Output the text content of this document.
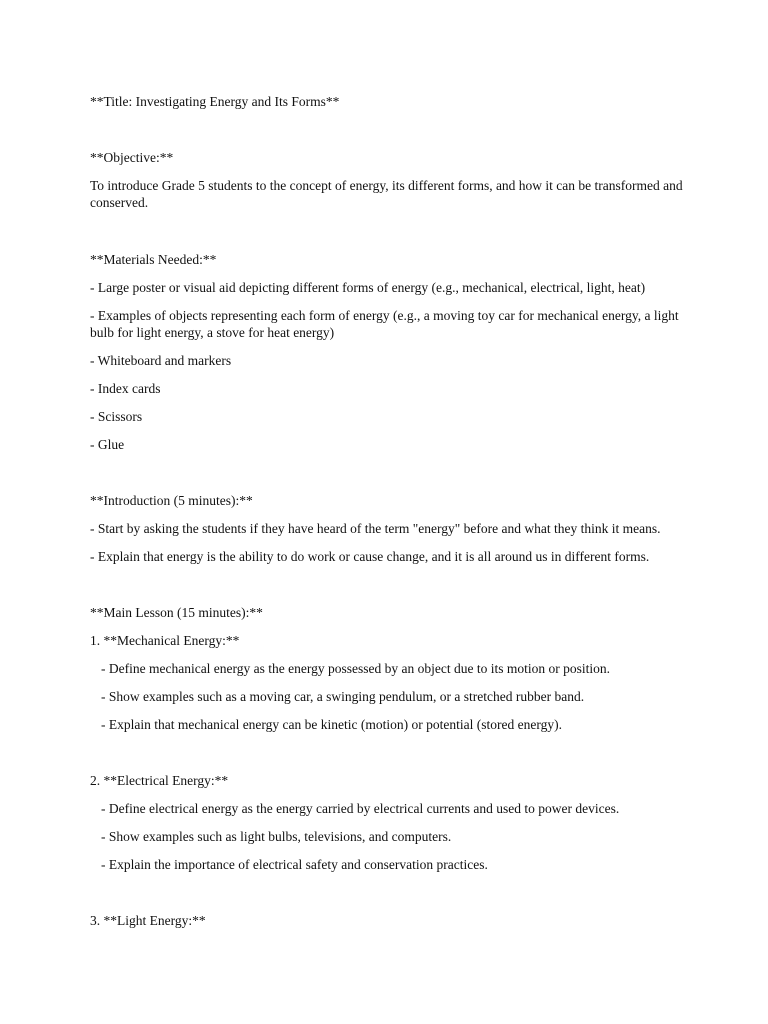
**Title: Investigating Energy and Its Forms**
**Objective:**
To introduce Grade 5 students to the concept of energy, its different forms, and how it can be transformed and conserved.
**Materials Needed:**
- Large poster or visual aid depicting different forms of energy (e.g., mechanical, electrical, light, heat)
- Examples of objects representing each form of energy (e.g., a moving toy car for mechanical energy, a light bulb for light energy, a stove for heat energy)
- Whiteboard and markers
- Index cards
- Scissors
- Glue
**Introduction (5 minutes):**
- Start by asking the students if they have heard of the term "energy" before and what they think it means.
- Explain that energy is the ability to do work or cause change, and it is all around us in different forms.
**Main Lesson (15 minutes):**
1. **Mechanical Energy:**
- Define mechanical energy as the energy possessed by an object due to its motion or position.
- Show examples such as a moving car, a swinging pendulum, or a stretched rubber band.
- Explain that mechanical energy can be kinetic (motion) or potential (stored energy).
2. **Electrical Energy:**
- Define electrical energy as the energy carried by electrical currents and used to power devices.
- Show examples such as light bulbs, televisions, and computers.
- Explain the importance of electrical safety and conservation practices.
3. **Light Energy:**
